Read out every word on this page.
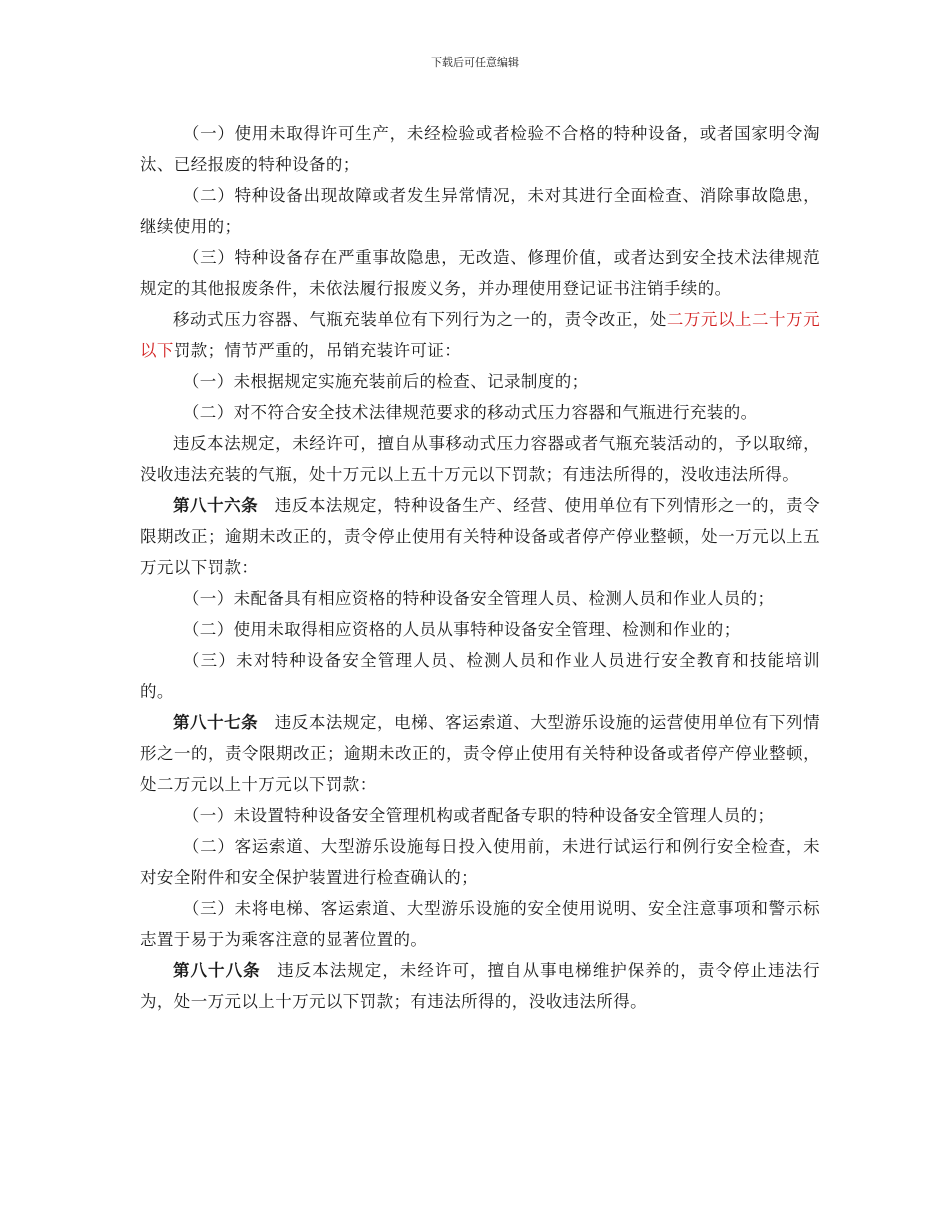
下载后可任意编辑

（一）使用未取得许可生产，未经检验或者检验不合格的特种设备，或者国家明令淘汰、已经报废的特种设备的；

（二）特种设备出现故障或者发生异常情况，未对其进行全面检查、消除事故隐患，继续使用的；

（三）特种设备存在严重事故隐患，无改造、修理价值，或者达到安全技术法律规范规定的其他报废条件，未依法履行报废义务，并办理使用登记证书注销手续的。

移动式压力容器、气瓶充装单位有下列行为之一的，责令改正，处二万元以上二十万元以下罚款；情节严重的，吊销充装许可证：

（一）未根据规定实施充装前后的检查、记录制度的；

（二）对不符合安全技术法律规范要求的移动式压力容器和气瓶进行充装的。

违反本法规定，未经许可，擅自从事移动式压力容器或者气瓶充装活动的，予以取缔，没收违法充装的气瓶，处十万元以上五十万元以下罚款；有违法所得的，没收违法所得。

第八十六条 违反本法规定，特种设备生产、经营、使用单位有下列情形之一的，责令限期改正；逾期未改正的，责令停止使用有关特种设备或者停产停业整顿，处一万元以上五万元以下罚款：

（一）未配备具有相应资格的特种设备安全管理人员、检测人员和作业人员的；

（二）使用未取得相应资格的人员从事特种设备安全管理、检测和作业的；

（三）未对特种设备安全管理人员、检测人员和作业人员进行安全教育和技能培训的。

第八十七条 违反本法规定，电梯、客运索道、大型游乐设施的运营使用单位有下列情形之一的，责令限期改正；逾期未改正的，责令停止使用有关特种设备或者停产停业整顿，处二万元以上十万元以下罚款：

（一）未设置特种设备安全管理机构或者配备专职的特种设备安全管理人员的；

（二）客运索道、大型游乐设施每日投入使用前，未进行试运行和例行安全检查，未对安全附件和安全保护装置进行检查确认的；

（三）未将电梯、客运索道、大型游乐设施的安全使用说明、安全注意事项和警示标志置于易于为乘客注意的显著位置的。

第八十八条 违反本法规定，未经许可，擅自从事电梯维护保养的，责令停止违法行为，处一万元以上十万元以下罚款；有违法所得的，没收违法所得。
